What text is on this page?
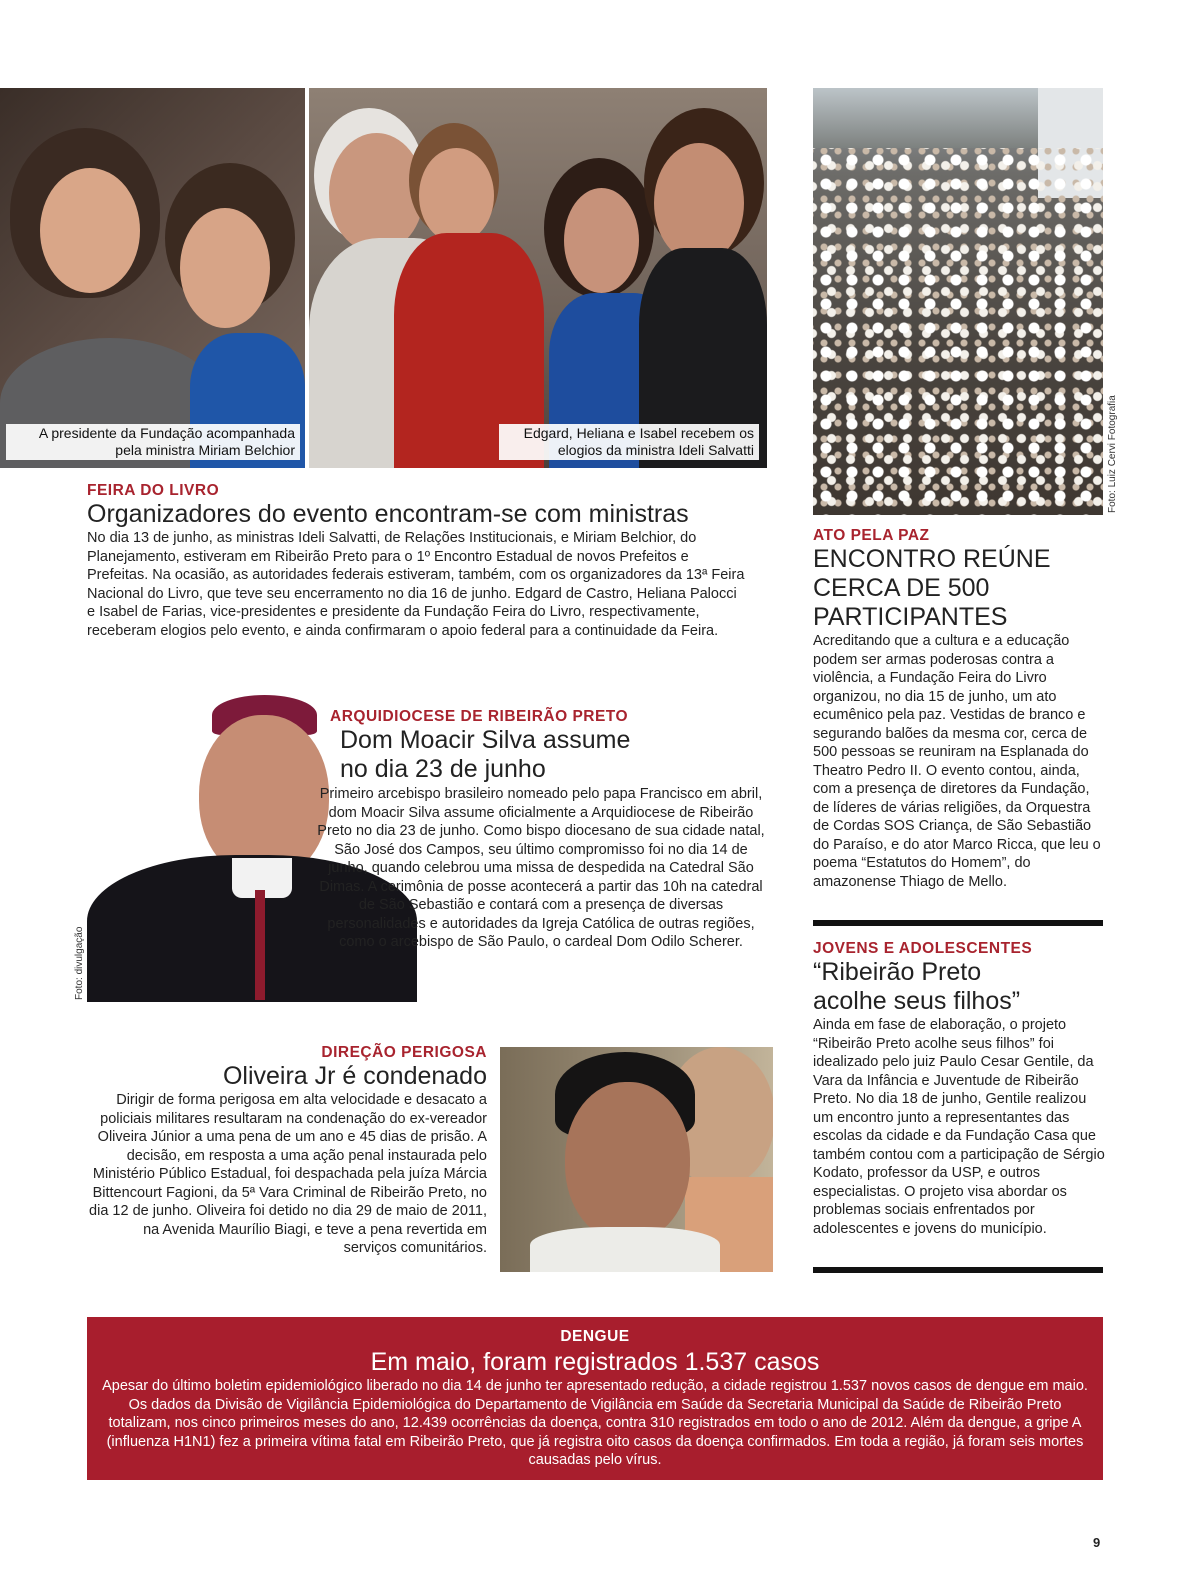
A presidente da Fundação acompanhada pela ministra Miriam Belchior
Edgard, Heliana e Isabel recebem os elogios da ministra Ideli Salvatti	Foto: Luiz Cervi Fotografia
FEIRA DO LIVRO
Organizadores do evento encontram-se com ministras
No dia 13 de junho, as ministras Ideli Salvatti, de Relações Institucionais, e Miriam Belchior, do Planejamento, estiveram em Ribeirão Preto para o 1º Encontro Estadual de novos Prefeitos e Prefeitas. Na ocasião, as autoridades federais estiveram, também, com os organizadores da 13ª Feira Nacional do Livro, que teve seu encerramento no dia 16 de junho. Edgard de Castro, Heliana Palocci e Isabel de Farias, vice-presidentes e presidente da Fundação Feira do Livro, respectivamente, receberam elogios pelo evento, e ainda confirmaram o apoio federal para a continuidade da Feira.
ATO PELA PAZ
ENCONTRO REÚNE CERCA DE 500 PARTICIPANTES
Acreditando que a cultura e a educação podem ser armas poderosas contra a violência, a Fundação Feira do Livro organizou, no dia 15 de junho, um ato ecumênico pela paz. Vestidas de branco e segurando balões da mesma cor, cerca de 500 pessoas se reuniram na Esplanada do Theatro Pedro II. O evento contou, ainda, com a presença de diretores da Fundação, de líderes de várias religiões, da Orquestra de Cordas SOS Criança, de São Sebastião do Paraíso, e do ator Marco Ricca, que leu o poema “Estatutos do Homem”, do amazonense Thiago de Mello.
Foto: divulgação
ARQUIDIOCESE DE RIBEIRÃO PRETO
Dom Moacir Silva assume no dia 23 de junho
Primeiro arcebispo brasileiro nomeado pelo papa Francisco em abril, dom Moacir Silva assume oficialmente a Arquidiocese de Ribeirão Preto no dia 23 de junho. Como bispo diocesano de sua cidade natal, São José dos Campos, seu último compromisso foi no dia 14 de junho, quando celebrou uma missa de despedida na Catedral São Dimas. A cerimônia de posse acontecerá a partir das 10h na catedral de São Sebastião e contará com a presença de diversas personalidades e autoridades da Igreja Católica de outras regiões, como o arcebispo de São Paulo, o cardeal Dom Odilo Scherer.	JOVENS E ADOLESCENTES
“Ribeirão Preto acolhe seus filhos”
Ainda em fase de elaboração, o projeto “Ribeirão Preto acolhe seus filhos” foi idealizado pelo juiz Paulo Cesar Gentile, da Vara da Infância e Juventude de Ribeirão Preto. No dia 18 de junho, Gentile realizou um encontro junto a representantes das escolas da cidade e da Fundação Casa que também contou com a participação de Sérgio Kodato, professor da USP, e outros especialistas. O projeto visa abordar os problemas sociais enfrentados por adolescentes e jovens do município.
DIREÇÃO PERIGOSA
Oliveira Jr é condenado
Dirigir de forma perigosa em alta velocidade e desacato a policiais militares resultaram na condenação do ex-vereador Oliveira Júnior a uma pena de um ano e 45 dias de prisão. A decisão, em resposta a uma ação penal instaurada pelo Ministério Público Estadual, foi despachada pela juíza Márcia Bittencourt Fagioni, da 5ª Vara Criminal de Ribeirão Preto, no dia 12 de junho. Oliveira foi detido no dia 29 de maio de 2011, na Avenida Maurílio Biagi, e teve a pena revertida em serviços comunitários.
DENGUE
Em maio, foram registrados 1.537 casos
Apesar do último boletim epidemiológico liberado no dia 14 de junho ter apresentado redução, a cidade registrou 1.537 novos casos de dengue em maio. Os dados da Divisão de Vigilância Epidemiológica do Departamento de Vigilância em Saúde da Secretaria Municipal da Saúde de Ribeirão Preto totalizam, nos cinco primeiros meses do ano, 12.439 ocorrências da doença, contra 310 registrados em todo o ano de 2012. Além da dengue, a gripe A (influenza H1N1) fez a primeira vítima fatal em Ribeirão Preto, que já registra oito casos da doença confirmados. Em toda a região, já foram seis mortes causadas pelo vírus.
9
